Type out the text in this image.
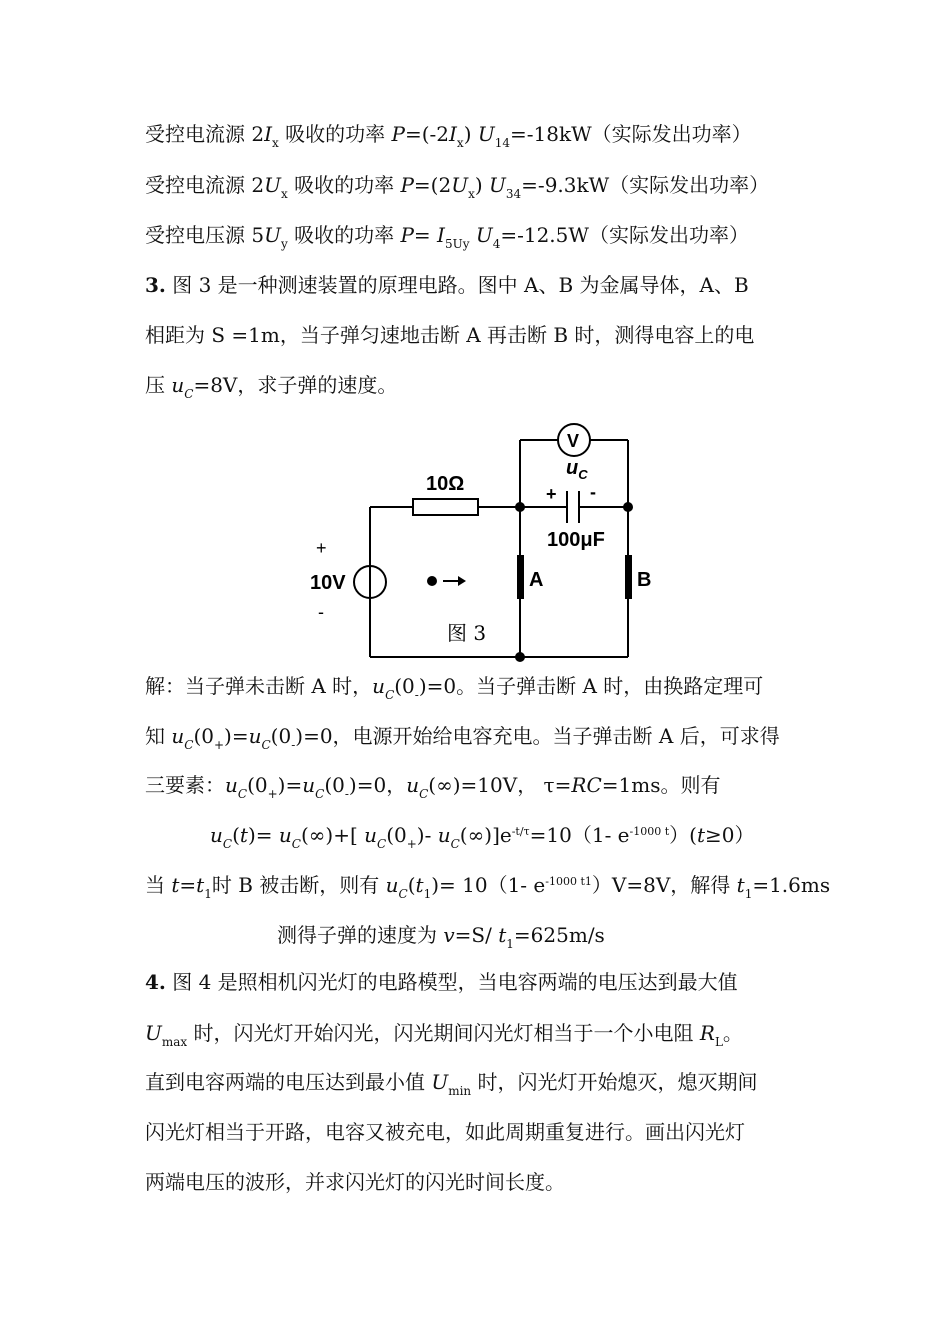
受控电流源 $2I_x$ 吸收的功率 $P=(-2I_x)$ $U_{14}=-18kW$（实际发出功率）
受控电流源 $2U_x$ 吸收的功率 $P=(2U_x)$ $U_{34}=-9.3kW$（实际发出功率）
受控电压源 $5U_y$ 吸收的功率 $P= I_{5Uy}$ $U_4=-12.5W$（实际发出功率）
3. 图 3 是一种测速装置的原理电路。图中 A、B 为金属导体，A、B
相距为 S =1m，当子弹匀速地击断 A 再击断 B 时，测得电容上的电
压 $u_C=8V$，求子弹的速度。
10Ω
V
$u_C$
+ -
100μF
+
10V
-
A	B
图 3
解：当子弹未击断 A 时，$u_C(0_-)=0$。当子弹击断 A 时，由换路定理可
知 $u_C(0_+)=u_C(0_-)=0$，电源开始给电容充电。当子弹击断 A 后，可求得
三要素：$u_C(0_+)=u_C(0_-)=0$，$u_C(\infty)=10V$， τ=RC=1ms。则有
$u_C(t)= u_C(\infty)+$[ $u_C(0_+)-$ $u_C(\infty)]e^{-t/\tau}=10(1-$ $e^{-1000 t})(t\ge 0)$
当 $t=t_1$时 B 被击断，则有 $u_C(t_1)= 10(1-$ $e^{-1000 t1})V=8V$，解得 $t_1=1.6ms$
测得子弹的速度为 v=S/ $t_1=625m/s$
4. 图 4 是照相机闪光灯的电路模型，当电容两端的电压达到最大值
$U_{max}$ 时，闪光灯开始闪光，闪光期间闪光灯相当于一个小电阻 $R_L$。
直到电容两端的电压达到最小值 $U_{min}$ 时，闪光灯开始熄灭，熄灭期间
闪光灯相当于开路，电容又被充电，如此周期重复进行。画出闪光灯
两端电压的波形，并求闪光灯的闪光时间长度。
